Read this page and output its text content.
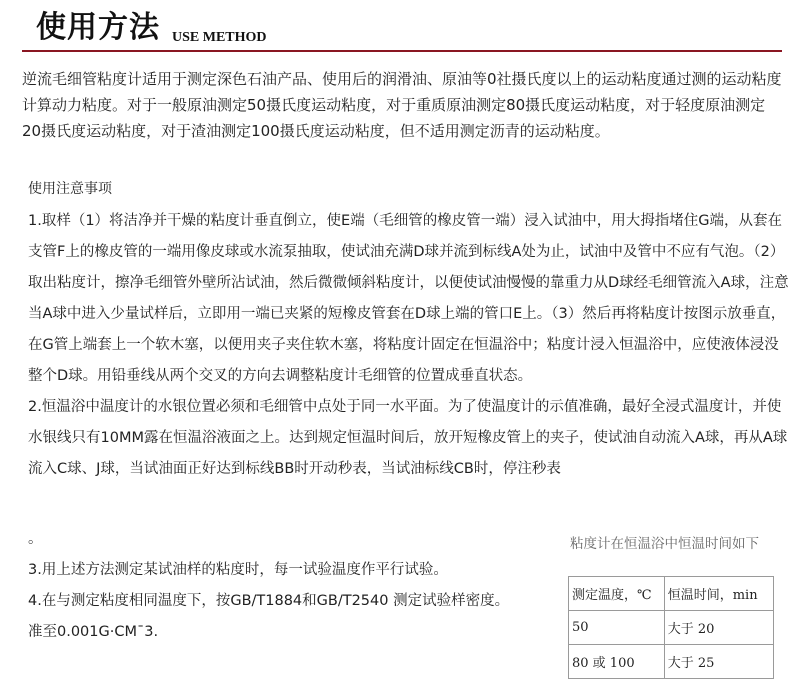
使用方法 USE METHOD
逆流毛细管粘度计适用于测定深色石油产品、使用后的润滑油、原油等0社摄氏度以上的运动粘度通过测的运动粘度计算动力粘度。对于一般原油测定50摄氏度运动粘度，对于重质原油测定80摄氏度运动粘度，对于轻度原油测定20摄氏度运动粘度，对于渣油测定100摄氏度运动粘度，但不适用测定沥青的运动粘度。
使用注意事项

1.取样（1）将洁净并干燥的粘度计垂直倒立，使E端（毛细管的橡皮管一端）浸入试油中，用大拇指堵住G端，从套在支管F上的橡皮管的一端用像皮球或水流泵抽取，使试油充满D球并流到标线A处为止，试油中及管中不应有气泡。（2）取出粘度计，擦净毛细管外壁所沾试油，然后微微倾斜粘度计，以便使试油慢慢的靠重力从D球经毛细管流入A球，注意当A球中进入少量试样后，立即用一端已夹紧的短橡皮管套在D球上端的管口E上。（3）然后再将粘度计按图示放垂直，在G管上端套上一个软木塞，以便用夹子夹住软木塞，将粘度计固定在恒温浴中；粘度计浸入恒温浴中，应使液体浸没整个D球。用铅垂线从两个交叉的方向去调整粘度计毛细管的位置成垂直状态。

2.恒温浴中温度计的水银位置必须和毛细管中点处于同一水平面。为了使温度计的示值准确，最好全浸式温度计，并使水银线只有10MM露在恒温浴液面之上。达到规定恒温时间后，放开短橡皮管上的夹子，使试油自动流入A球，再从A球流入C球、J球，当试油面正好达到标线BB时开动秒表，当试油标线CB时，停注秒表

。

3.用上述方法测定某试油样的粘度时，每一试验温度作平行试验。

4.在与测定粘度相同温度下，按GB/T1884和GB/T2540 测定试验样密度。

准至0.001G·CM¯3.

粘度计在恒温浴中恒温时间如下
测定温度，℃	恒温时间，min
50	大于 20
80 或 100	大于 25
